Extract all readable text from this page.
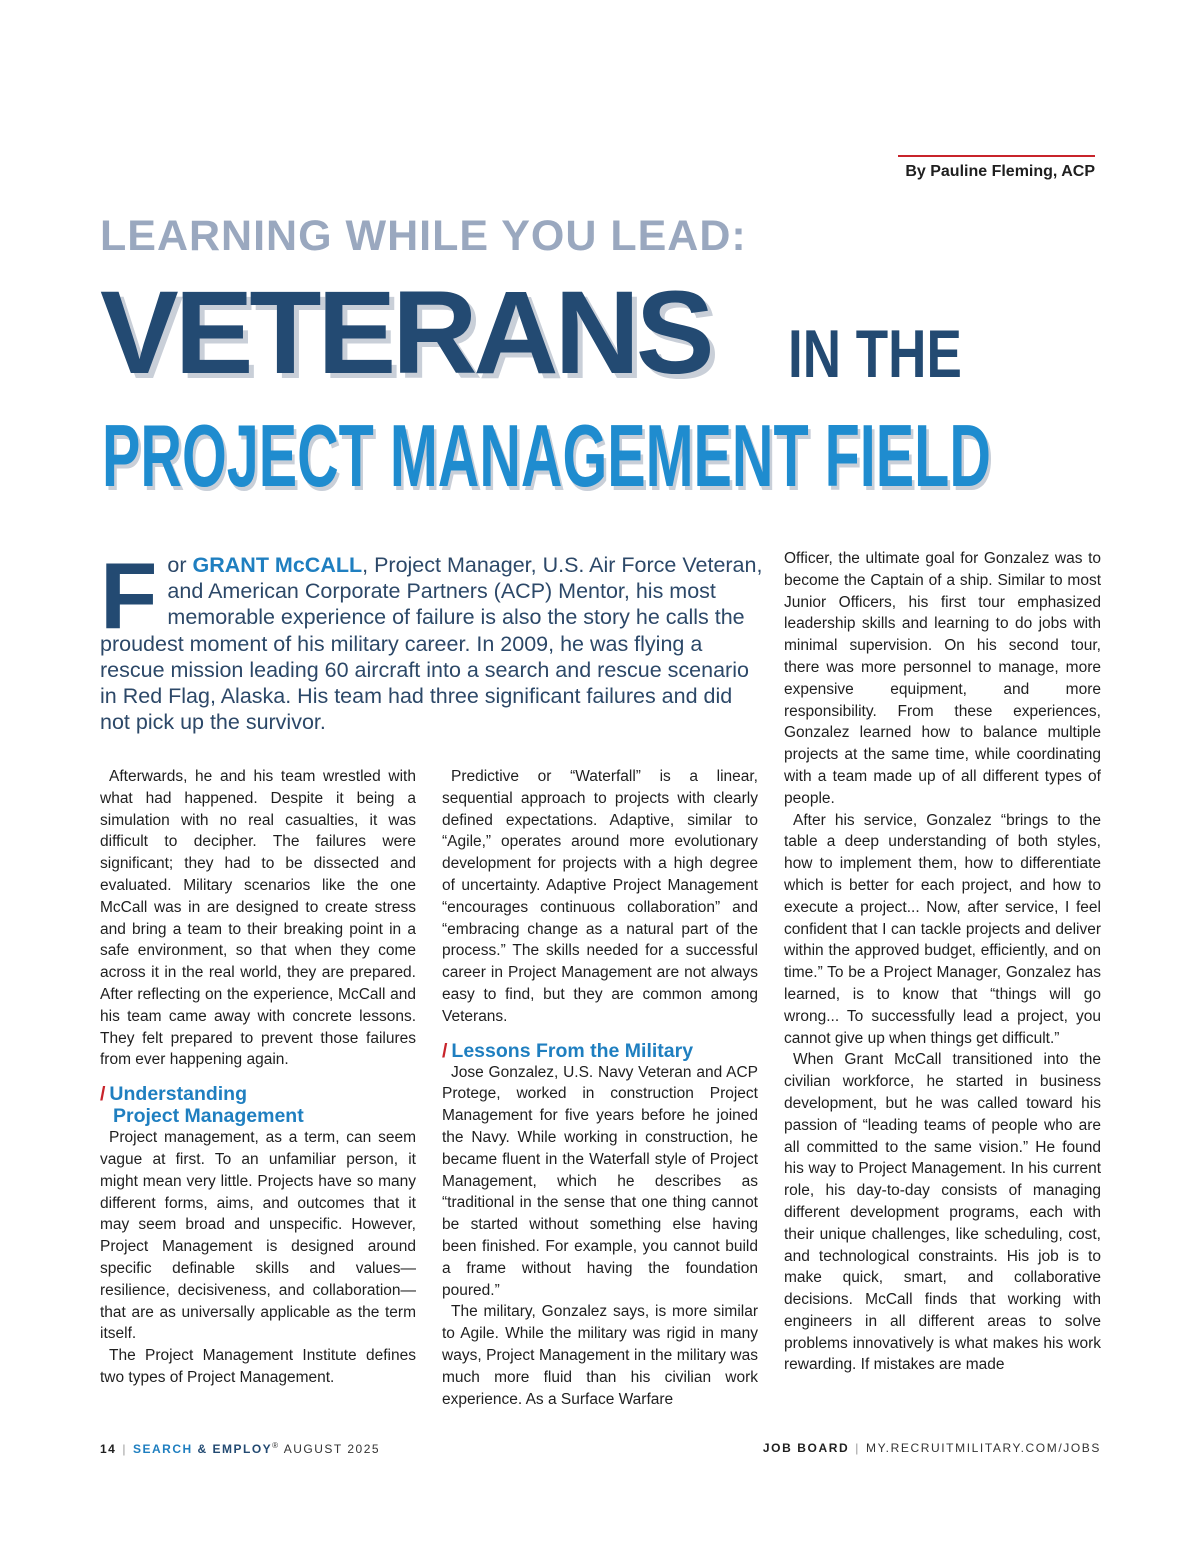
By Pauline Fleming, ACP
LEARNING WHILE YOU LEAD:
VETERANS IN THE
PROJECT MANAGEMENT FIELD
For GRANT McCALL, Project Manager, U.S. Air Force Veteran, and American Corporate Partners (ACP) Mentor, his most memorable experience of failure is also the story he calls the proudest moment of his military career. In 2009, he was flying a rescue mission leading 60 aircraft into a search and rescue scenario in Red Flag, Alaska. His team had three significant failures and did not pick up the survivor.

Afterwards, he and his team wrestled with what had happened. Despite it being a simulation with no real casualties, it was difficult to decipher. The failures were significant; they had to be dissected and evaluated. Military scenarios like the one McCall was in are designed to create stress and bring a team to their breaking point in a safe environment, so that when they come across it in the real world, they are prepared. After reflecting on the experience, McCall and his team came away with concrete lessons. They felt prepared to prevent those failures from ever happening again.

/ Understanding
Project Management

Project management, as a term, can seem vague at first. To an unfamiliar person, it might mean very little. Projects have so many different forms, aims, and outcomes that it may seem broad and unspecific. However, Project Management is designed around specific definable skills and values—resilience, decisiveness, and collaboration—that are as universally applicable as the term itself.

The Project Management Institute defines two types of Project Management.

Predictive or “Waterfall” is a linear, sequential approach to projects with clearly defined expectations. Adaptive, similar to “Agile,” operates around more evolutionary development for projects with a high degree of uncertainty. Adaptive Project Management “encourages continuous collaboration” and “embracing change as a natural part of the process.” The skills needed for a successful career in Project Management are not always easy to find, but they are common among Veterans.

/ Lessons From the Military

Jose Gonzalez, U.S. Navy Veteran and ACP Protege, worked in construction Project Management for five years before he joined the Navy. While working in construction, he became fluent in the Waterfall style of Project Management, which he describes as “traditional in the sense that one thing cannot be started without something else having been finished. For example, you cannot build a frame without having the foundation poured.”

The military, Gonzalez says, is more similar to Agile. While the military was rigid in many ways, Project Management in the military was much more fluid than his civilian work experience. As a Surface Warfare

Officer, the ultimate goal for Gonzalez was to become the Captain of a ship. Similar to most Junior Officers, his first tour emphasized leadership skills and learning to do jobs with minimal supervision. On his second tour, there was more personnel to manage, more expensive equipment, and more responsibility. From these experiences, Gonzalez learned how to balance multiple projects at the same time, while coordinating with a team made up of all different types of people.

After his service, Gonzalez “brings to the table a deep understanding of both styles, how to implement them, how to differentiate which is better for each project, and how to execute a project... Now, after service, I feel confident that I can tackle projects and deliver within the approved budget, efficiently, and on time.” To be a Project Manager, Gonzalez has learned, is to know that “things will go wrong... To successfully lead a project, you cannot give up when things get difficult.”

When Grant McCall transitioned into the civilian workforce, he started in business development, but he was called toward his passion of “leading teams of people who are all committed to the same vision.” He found his way to Project Management. In his current role, his day-to-day consists of managing different development programs, each with their unique challenges, like scheduling, cost, and technological constraints. His job is to make quick, smart, and collaborative decisions. McCall finds that working with engineers in all different areas to solve problems innovatively is what makes his work rewarding. If mistakes are made

14 | SEARCH & EMPLOY® AUGUST 2025	JOB BOARD | MY.RECRUITMILITARY.COM/JOBS
